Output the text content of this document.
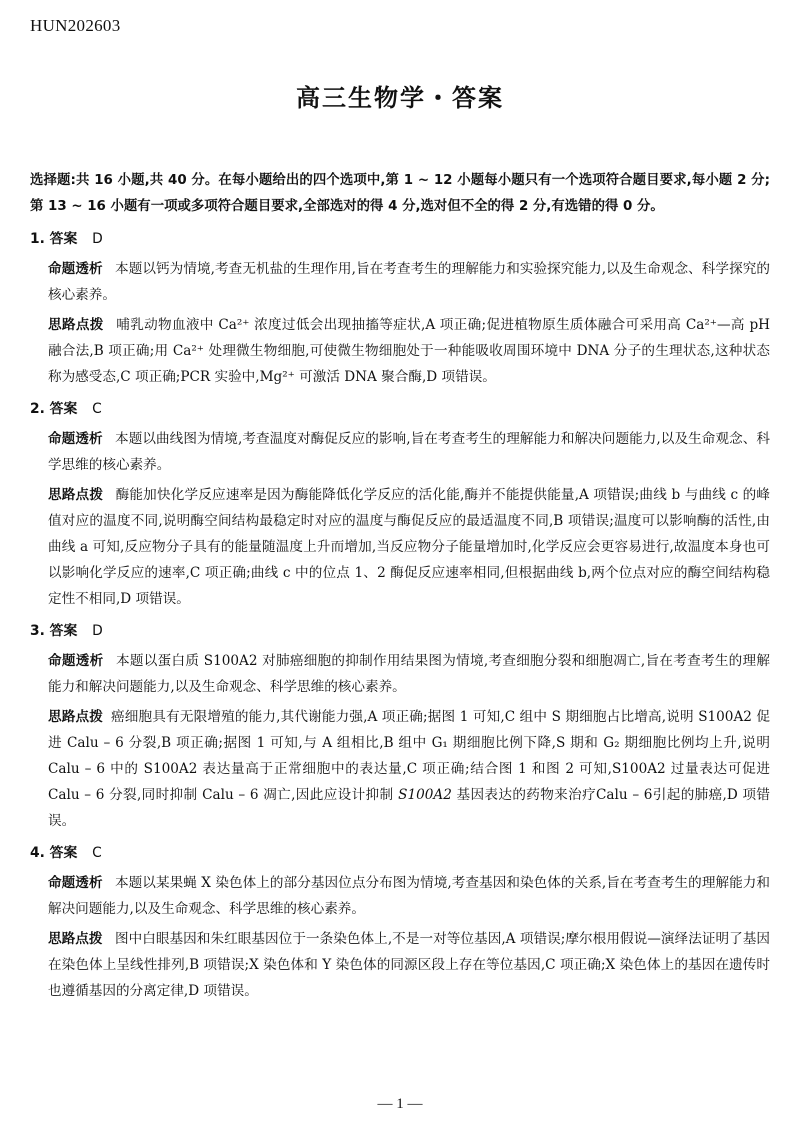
HUN202603
高三生物学・答案

选择题:共 16 小题,共 40 分。在每小题给出的四个选项中,第 1 ~ 12 小题每小题只有一个选项符合题目要求,每小题 2 分;第 13 ~ 16 小题有一项或多项符合题目要求,全部选对的得 4 分,选对但不全的得 2 分,有选错的得 0 分。

1. 答案 D

命题透析 本题以钙为情境,考查无机盐的生理作用,旨在考查考生的理解能力和实验探究能力,以及生命观念、科学探究的核心素养。

思路点拨 哺乳动物血液中 Ca²⁺ 浓度过低会出现抽搐等症状,A 项正确;促进植物原生质体融合可采用高 Ca²⁺—高 pH 融合法,B 项正确;用 Ca²⁺ 处理微生物细胞,可使微生物细胞处于一种能吸收周围环境中 DNA 分子的生理状态,这种状态称为感受态,C 项正确;PCR 实验中,Mg²⁺ 可激活 DNA 聚合酶,D 项错误。

2. 答案 C

命题透析 本题以曲线图为情境,考查温度对酶促反应的影响,旨在考查考生的理解能力和解决问题能力,以及生命观念、科学思维的核心素养。

思路点拨 酶能加快化学反应速率是因为酶能降低化学反应的活化能,酶并不能提供能量,A 项错误;曲线 b 与曲线 c 的峰值对应的温度不同,说明酶空间结构最稳定时对应的温度与酶促反应的最适温度不同,B 项错误;温度可以影响酶的活性,由曲线 a 可知,反应物分子具有的能量随温度上升而增加,当反应物分子能量增加时,化学反应会更容易进行,故温度本身也可以影响化学反应的速率,C 项正确;曲线 c 中的位点 1、2 酶促反应速率相同,但根据曲线 b,两个位点对应的酶空间结构稳定性不相同,D 项错误。

3. 答案 D

命题透析 本题以蛋白质 S100A2 对肺癌细胞的抑制作用结果图为情境,考查细胞分裂和细胞凋亡,旨在考查考生的理解能力和解决问题能力,以及生命观念、科学思维的核心素养。

思路点拨 癌细胞具有无限增殖的能力,其代谢能力强,A 项正确;据图 1 可知,C 组中 S 期细胞占比增高,说明 S100A2 促进 Calu – 6 分裂,B 项正确;据图 1 可知,与 A 组相比,B 组中 G₁ 期细胞比例下降,S 期和 G₂ 期细胞比例均上升,说明 Calu – 6 中的 S100A2 表达量高于正常细胞中的表达量,C 项正确;结合图 1 和图 2 可知,S100A2 过量表达可促进 Calu – 6 分裂,同时抑制 Calu – 6 凋亡,因此应设计抑制 S100A2 基因表达的药物来治疗Calu – 6引起的肺癌,D 项错误。

4. 答案 C

命题透析 本题以某果蝇 X 染色体上的部分基因位点分布图为情境,考查基因和染色体的关系,旨在考查考生的理解能力和解决问题能力,以及生命观念、科学思维的核心素养。

思路点拨 图中白眼基因和朱红眼基因位于一条染色体上,不是一对等位基因,A 项错误;摩尔根用假说—演绎法证明了基因在染色体上呈线性排列,B 项错误;X 染色体和 Y 染色体的同源区段上存在等位基因,C 项正确;X 染色体上的基因在遗传时也遵循基因的分离定律,D 项错误。

— 1 —
